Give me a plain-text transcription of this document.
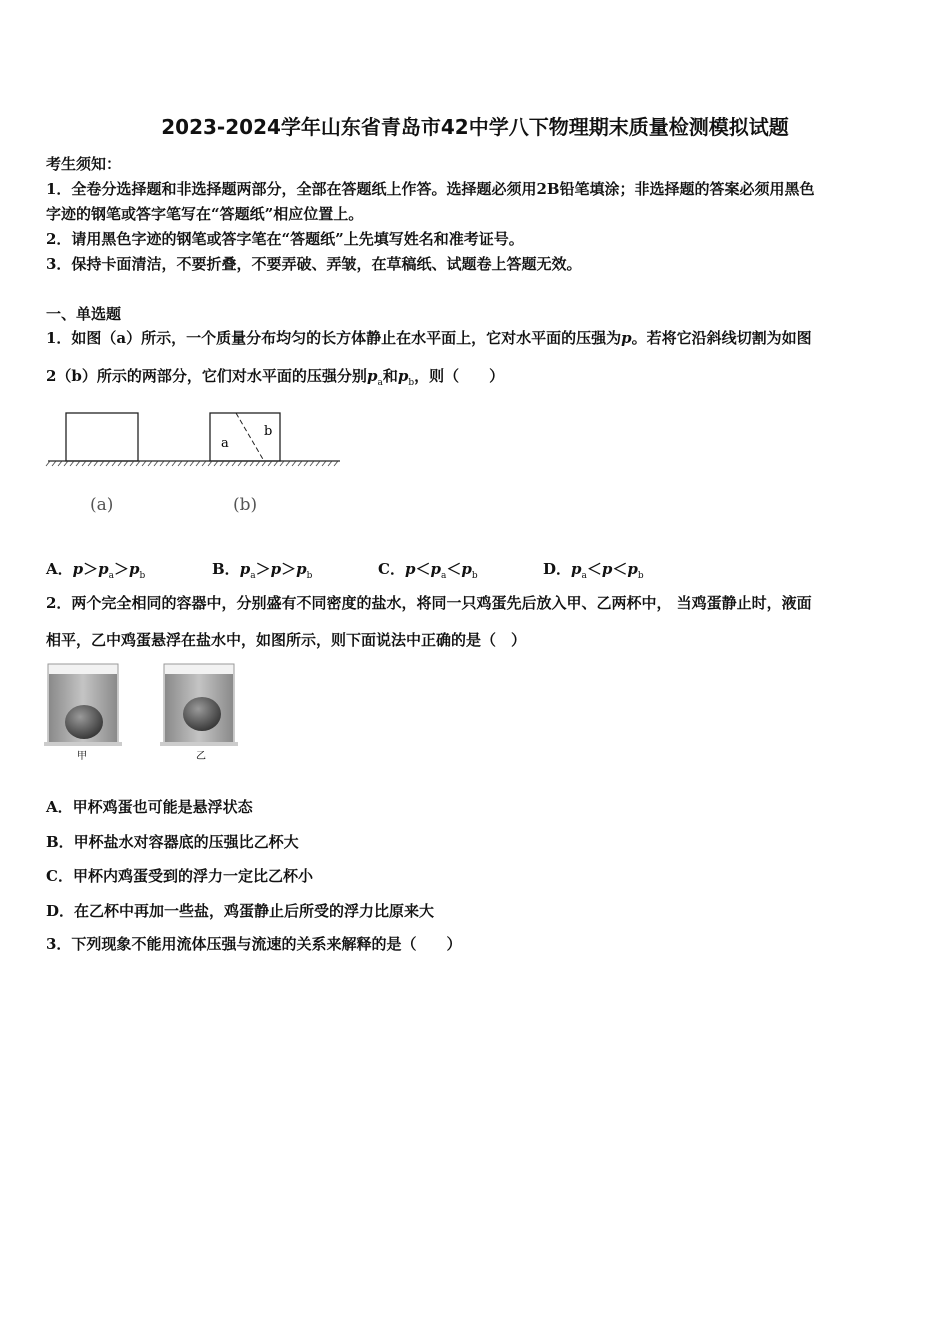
2023-2024学年山东省青岛市42中学八下物理期末质量检测模拟试题
考生须知：
1．全卷分选择题和非选择题两部分，全部在答题纸上作答。选择题必须用2B铅笔填涂；非选择题的答案必须用黑色
字迹的钢笔或答字笔写在“答题纸”相应位置上。
2．请用黑色字迹的钢笔或答字笔在“答题纸”上先填写姓名和准考证号。
3．保持卡面清洁，不要折叠，不要弄破、弄皱，在草稿纸、试题卷上答题无效。
一、单选题
1．如图（a）所示，一个质量分布均匀的长方体静止在水平面上，它对水平面的压强为p。若将它沿斜线切割为如图
2（b）所示的两部分，它们对水平面的压强分别$p_a$和$p_b$，则（　　）
a
b
(a)	(b)
A．$p>p_a>p_b$	B．$p_a>p>p_b$	C．$p<p_a<p_b$	D．$p_a<p<p_b$
2．两个完全相同的容器中，分别盛有不同密度的盐水，将同一只鸡蛋先后放入甲、乙两杯中， 当鸡蛋静止时，液面
相平，乙中鸡蛋悬浮在盐水中，如图所示，则下面说法中正确的是（　）
甲	乙
A．甲杯鸡蛋也可能是悬浮状态
B．甲杯盐水对容器底的压强比乙杯大
C．甲杯内鸡蛋受到的浮力一定比乙杯小
D．在乙杯中再加一些盐，鸡蛋静止后所受的浮力比原来大
3．下列现象不能用流体压强与流速的关系来解释的是（　　）
